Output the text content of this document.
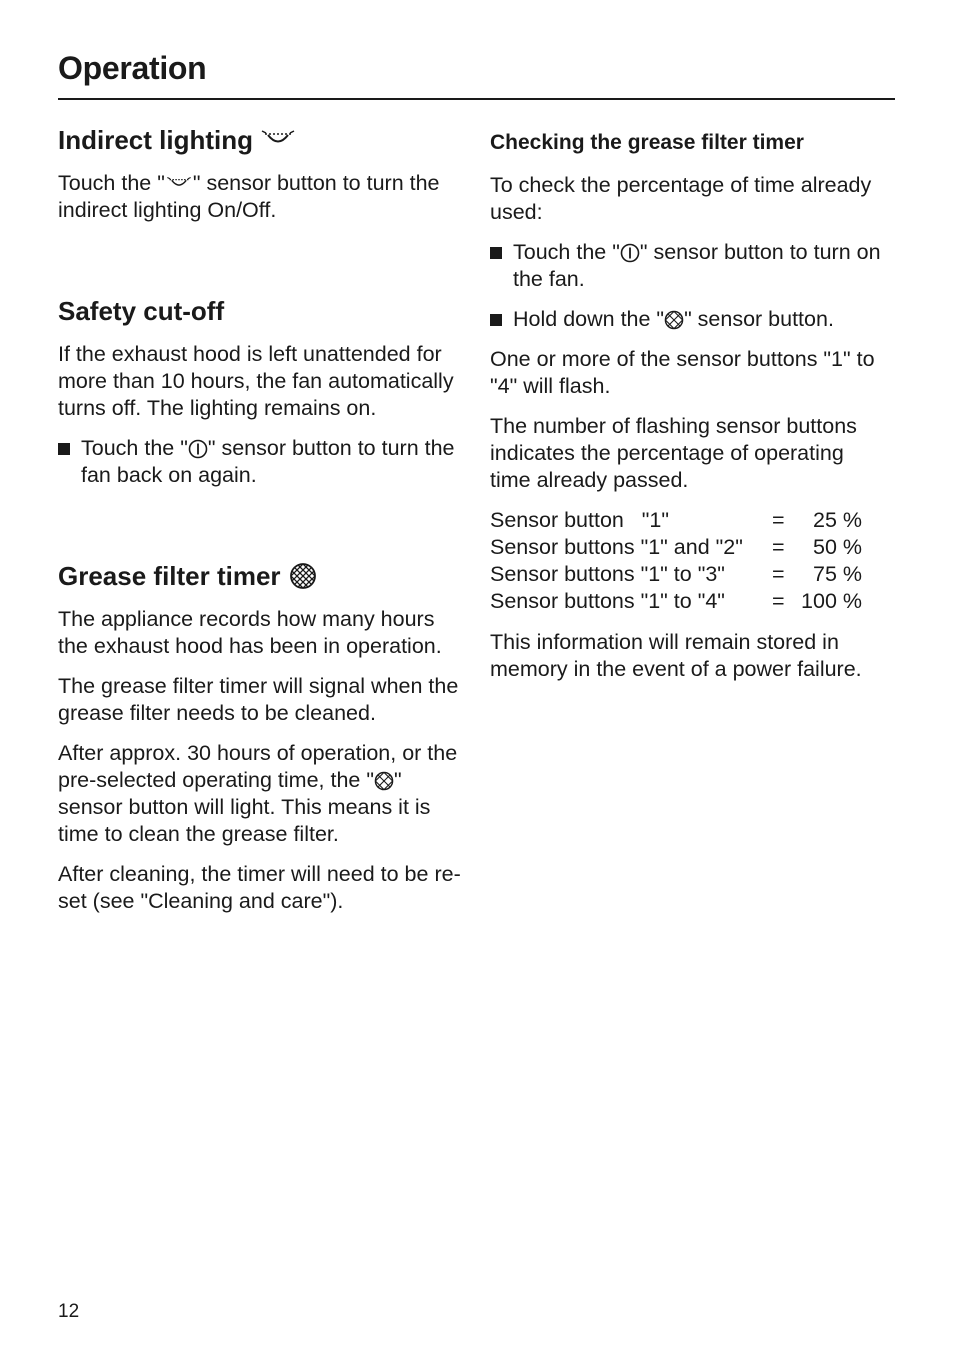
Operation
Indirect lighting

Touch the " " sensor button to turn the indirect lighting On/Off.

Safety cut-off

If the exhaust hood is left unattended for more than 10 hours, the fan automatically turns off. The lighting remains on.

Touch the " " sensor button to turn the fan back on again.
Grease filter timer

The appliance records how many hours the exhaust hood has been in operation.

The grease filter timer will signal when the grease filter needs to be cleaned.

After approx. 30 hours of operation, or the pre-selected operating time, the " " sensor button will light. This means it is time to clean the grease filter.

After cleaning, the timer will need to be re-set (see "Cleaning and care").

Checking the grease filter timer

To check the percentage of time already used:

Touch the " " sensor button to turn on the fan.
Hold down the " " sensor button.

One or more of the sensor buttons "1" to "4" will flash.

The number of flashing sensor buttons indicates the percentage of operating time already passed.

Sensor button   "1"	=	25 %
Sensor buttons "1" and "2"	=	50 %
Sensor buttons "1" to "3"	=	75 %
Sensor buttons "1" to "4"	= 100 %

This information will remain stored in memory in the event of a power failure.

12
